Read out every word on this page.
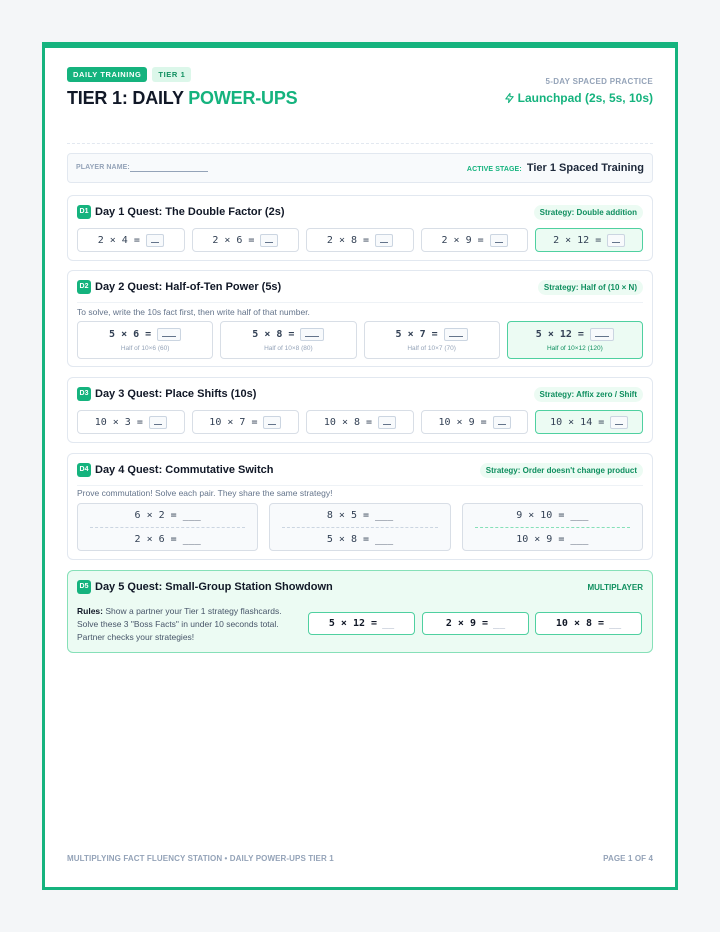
DAILY TRAINING	TIER 1
TIER 1: DAILY POWER-UPS
5-DAY SPACED PRACTICE
Launchpad (2s, 5s, 10s)
PLAYER NAME:	ACTIVE STAGE: Tier 1 Spaced Training
D1 Day 1 Quest: The Double Factor (2s)	Strategy: Double addition
2 × 4 =	2 × 6 =	2 × 8 =	2 × 9 =	2 × 12 =
D2 Day 2 Quest: Half-of-Ten Power (5s)	Strategy: Half of (10 × N)
To solve, write the 10s fact first, then write half of that number.
5 × 6 =
Half of 10×6 (60)
5 × 8 =
Half of 10×8 (80)
5 × 7 =
Half of 10×7 (70)
5 × 12 =
Half of 10×12 (120)
D3 Day 3 Quest: Place Shifts (10s)	Strategy: Affix zero / Shift
10 × 3 =	10 × 7 =	10 × 8 =	10 × 9 =	10 × 14 =
D4 Day 4 Quest: Commutative Switch	Strategy: Order doesn't change product
Prove commutation! Solve each pair. They share the same strategy!
6 × 2 = ___
2 × 6 = ___
8 × 5 = ___
5 × 8 = ___
9 × 10 = ___
10 × 9 = ___
D5 Day 5 Quest: Small-Group Station Showdown	MULTIPLAYER
Rules: Show a partner your Tier 1 strategy flashcards. Solve these 3 "Boss Facts" in under 10 seconds total. Partner checks your strategies!
5 × 12 = __	2 × 9 = __	10 × 8 = __
MULTIPLYING FACT FLUENCY STATION • DAILY POWER-UPS TIER 1	PAGE 1 OF 4
